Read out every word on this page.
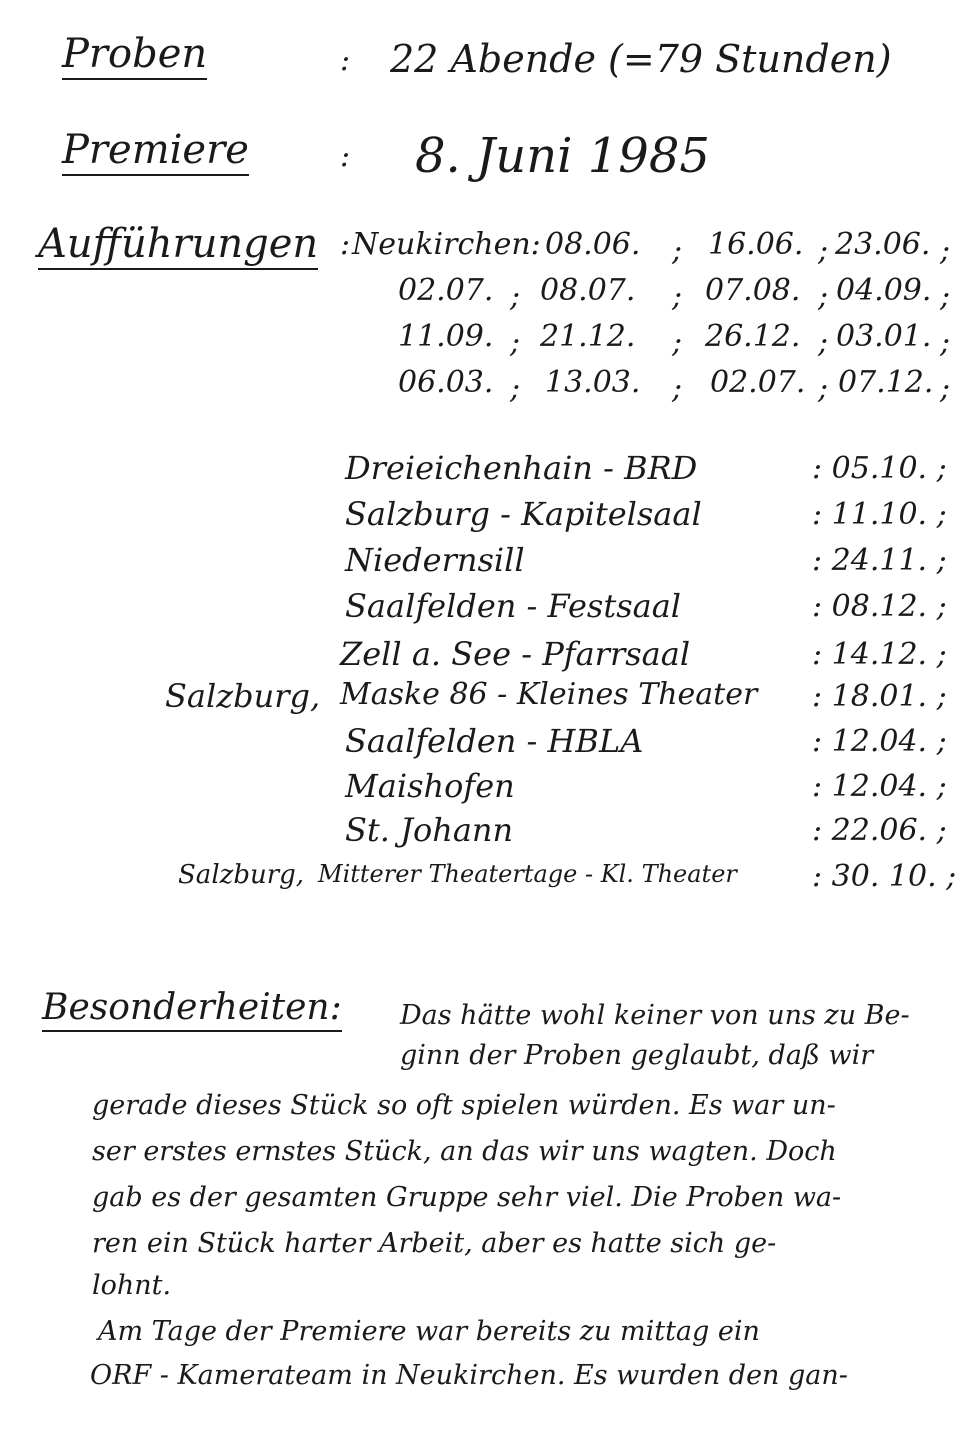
Proben	: 22 Abende (=79 Stunden)
Premiere	: 8. Juni 1985
Aufführungen : Neukirchen: 08.06. ; 16.06. ; 23.06. ;
02.07. ; 08.07. ; 07.08. ; 04.09. ;
11.09. ; 21.12. ; 26.12. ; 03.01. ;
06.03. ; 13.03. ; 02.07. ; 07.12. ;
Dreieichenhain - BRD	: 05.10. ;
Salzburg - Kapitelsaal	: 11.10. ;
Niedernsill	: 24.11. ;
Saalfelden - Festsaal	: 08.12. ;
Zell a. See - Pfarrsaal	: 14.12. ;
Salzburg, Maske 86 - Kleines Theater : 18.01. ;
Saalfelden - HBLA	: 12.04. ;
Maishofen	: 12.04. ;
St. Johann	: 22.06. ;
Salzburg, Mitterer Theatertage - Kl. Theater	: 30. 10. ;
Besonderheiten: Das hätte wohl keiner von uns zu Be-
ginn der Proben geglaubt, daß wir
gerade dieses Stück so oft spielen würden. Es war un-
ser erstes ernstes Stück, an das wir uns wagten. Doch
gab es der gesamten Gruppe sehr viel. Die Proben wa-
ren ein Stück harter Arbeit, aber es hatte sich ge-
lohnt.
Am Tage der Premiere war bereits zu mittag ein
ORF - Kamerateam in Neukirchen. Es wurden den gan-
